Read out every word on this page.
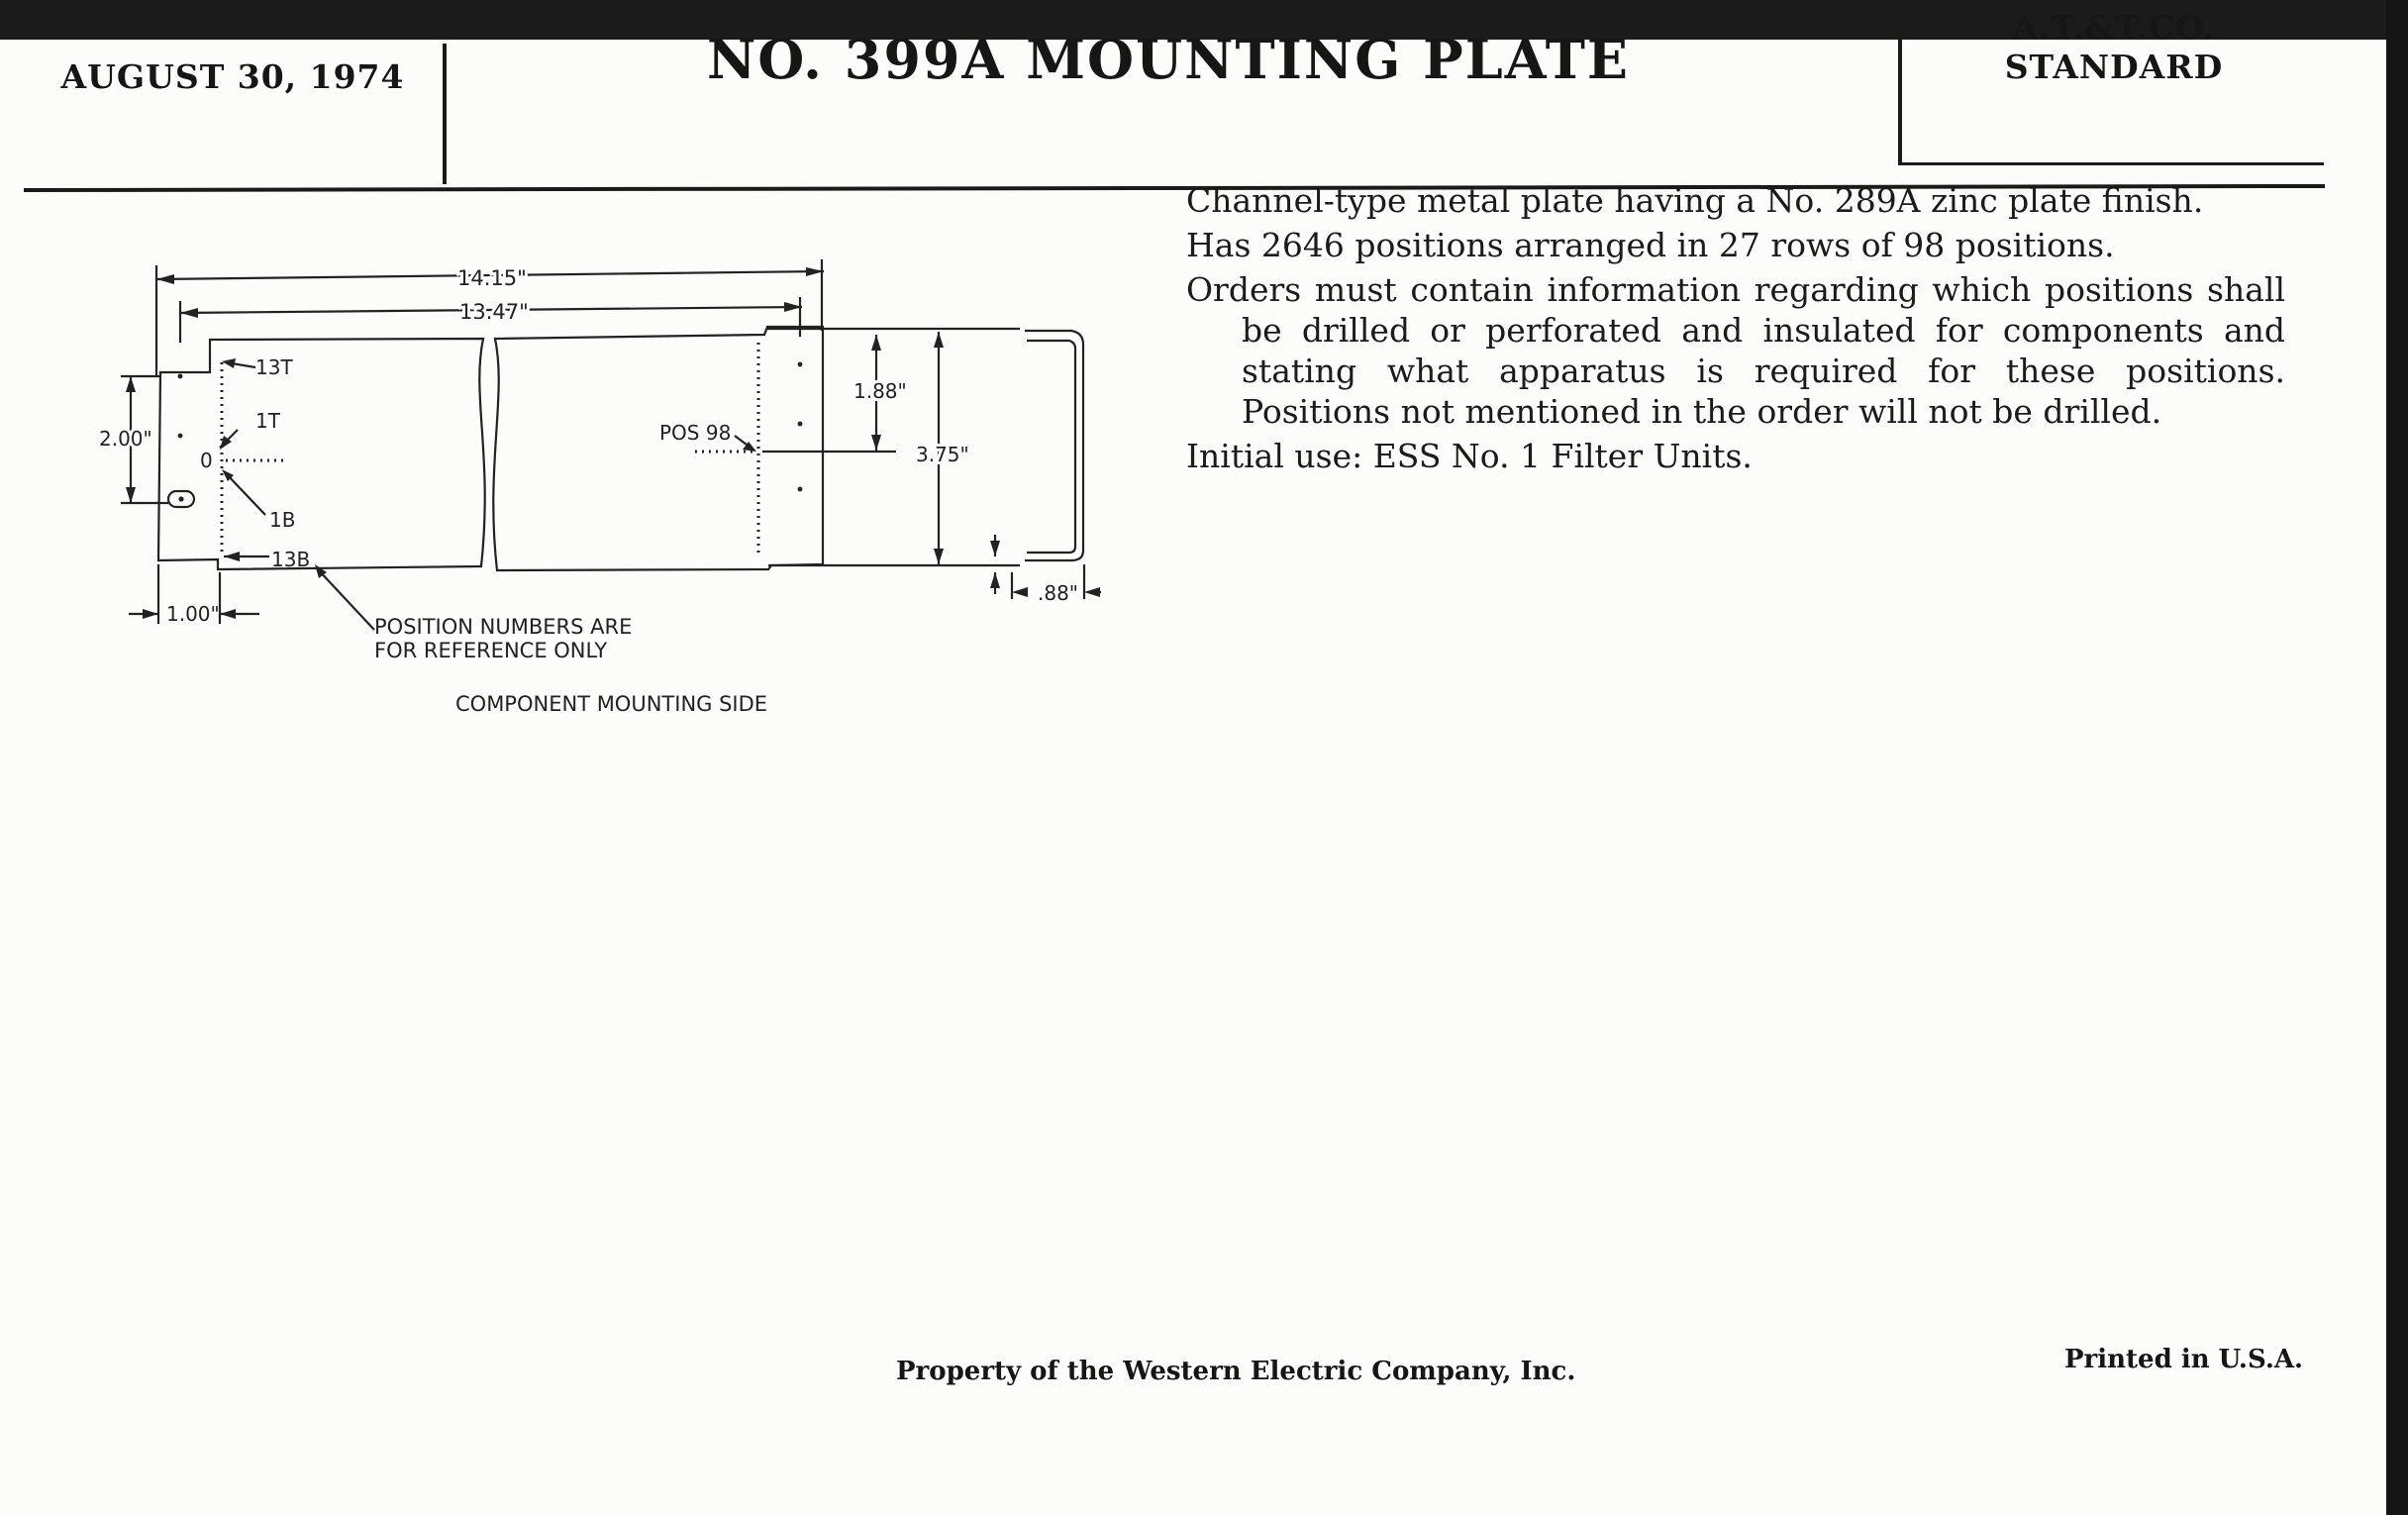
AUGUST 30, 1974	NO. 399A MOUNTING PLATE
A.T.&T.CO.
STANDARD
14.15"
13.47"
2.00"
1.88"
3.75"
1.00"
.88"
13T
1T
0
1B
13B
POS 98
POSITION NUMBERS ARE
FOR REFERENCE ONLY
COMPONENT MOUNTING SIDE

Channel-type metal plate having a No. 289A zinc plate finish.

Has 2646 positions arranged in 27 rows of 98 positions.

Orders must contain information regarding which positions shall be drilled or perforated and insulated for components and stating what apparatus is required for these positions. Positions not mentioned in the order will not be drilled.

Initial use: ESS No. 1 Filter Units.

Property of the Western Electric Company, Inc.	Printed in U.S.A.
